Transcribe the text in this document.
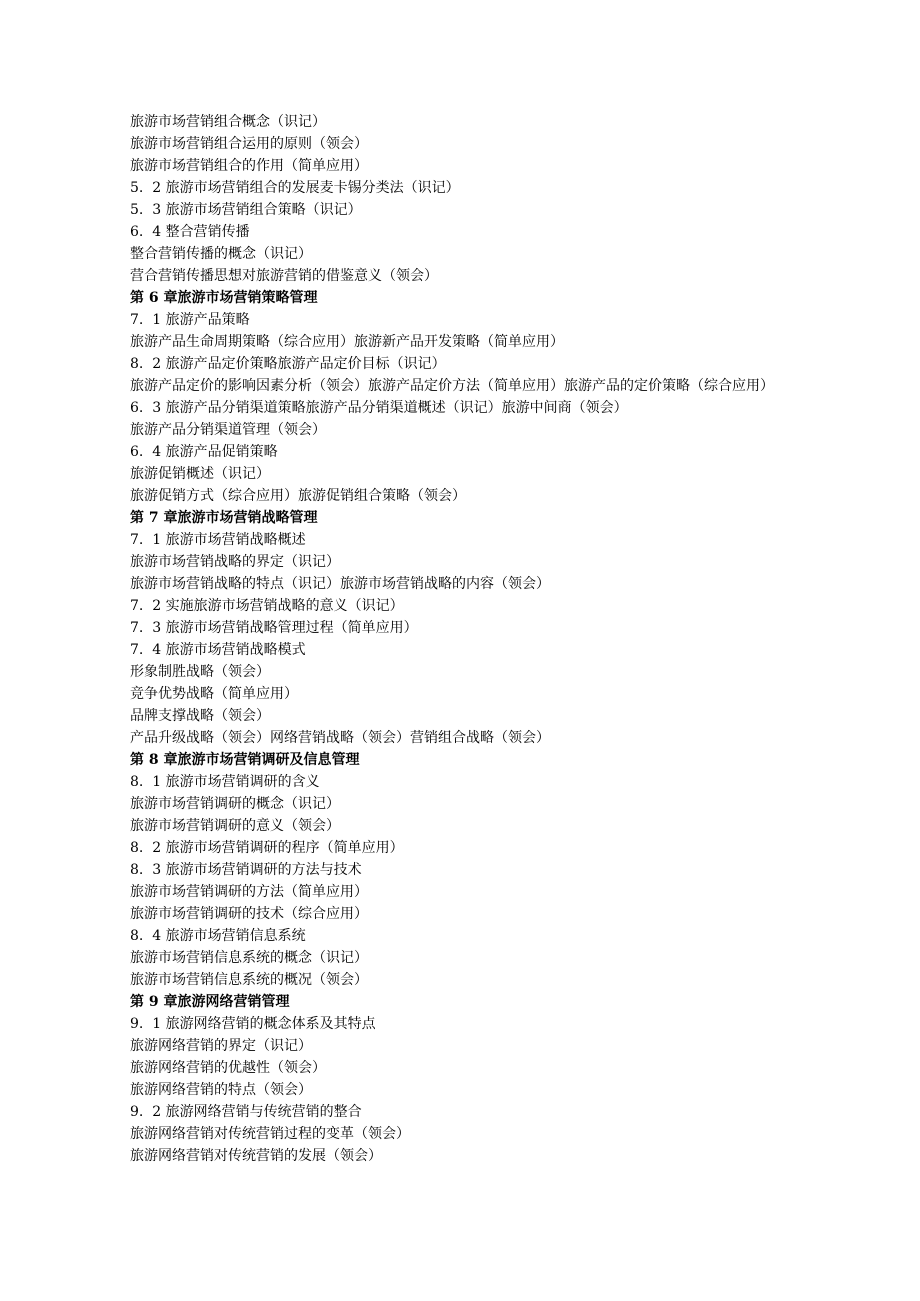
旅游市场营销组合概念（识记）

旅游市场营销组合运用的原则（领会）

旅游市场营销组合的作用（简单应用）

5.  2 旅游市场营销组合的发展麦卡锡分类法（识记）

5.  3 旅游市场营销组合策略（识记）

6.  4 整合营销传播

整合营销传播的概念（识记）

营合营销传播思想对旅游营销的借鉴意义（领会）

第 6 章旅游市场营销策略管理

7.  1 旅游产品策略

旅游产品生命周期策略（综合应用）旅游新产品开发策略（简单应用）

8.  2 旅游产品定价策略旅游产品定价目标（识记）

旅游产品定价的影响因素分析（领会）旅游产品定价方法（简单应用）旅游产品的定价策略（综合应用）

6.  3 旅游产品分销渠道策略旅游产品分销渠道概述（识记）旅游中间商（领会）

旅游产品分销渠道管理（领会）

6.  4 旅游产品促销策略

旅游促销概述（识记）

旅游促销方式（综合应用）旅游促销组合策略（领会）

第 7 章旅游市场营销战略管理

7.  1 旅游市场营销战略概述

旅游市场营销战略的界定（识记）

旅游市场营销战略的特点（识记）旅游市场营销战略的内容（领会）

7.  2 实施旅游市场营销战略的意义（识记）

7.  3 旅游市场营销战略管理过程（简单应用）

7.  4 旅游市场营销战略模式

形象制胜战略（领会）

竞争优势战略（简单应用）

品牌支撑战略（领会）

产品升级战略（领会）网络营销战略（领会）营销组合战略（领会）

第 8 章旅游市场营销调研及信息管理

8.  1 旅游市场营销调研的含义

旅游市场营销调研的概念（识记）

旅游市场营销调研的意义（领会）

8.  2 旅游市场营销调研的程序（简单应用）

8.  3 旅游市场营销调研的方法与技术

旅游市场营销调研的方法（简单应用）

旅游市场营销调研的技术（综合应用）

8.  4 旅游市场营销信息系统

旅游市场营销信息系统的概念（识记）

旅游市场营销信息系统的概况（领会）

第 9 章旅游网络营销管理

9.  1 旅游网络营销的概念体系及其特点

旅游网络营销的界定（识记）

旅游网络营销的优越性（领会）

旅游网络营销的特点（领会）

9.  2 旅游网络营销与传统营销的整合

旅游网络营销对传统营销过程的变革（领会）

旅游网络营销对传统营销的发展（领会）
